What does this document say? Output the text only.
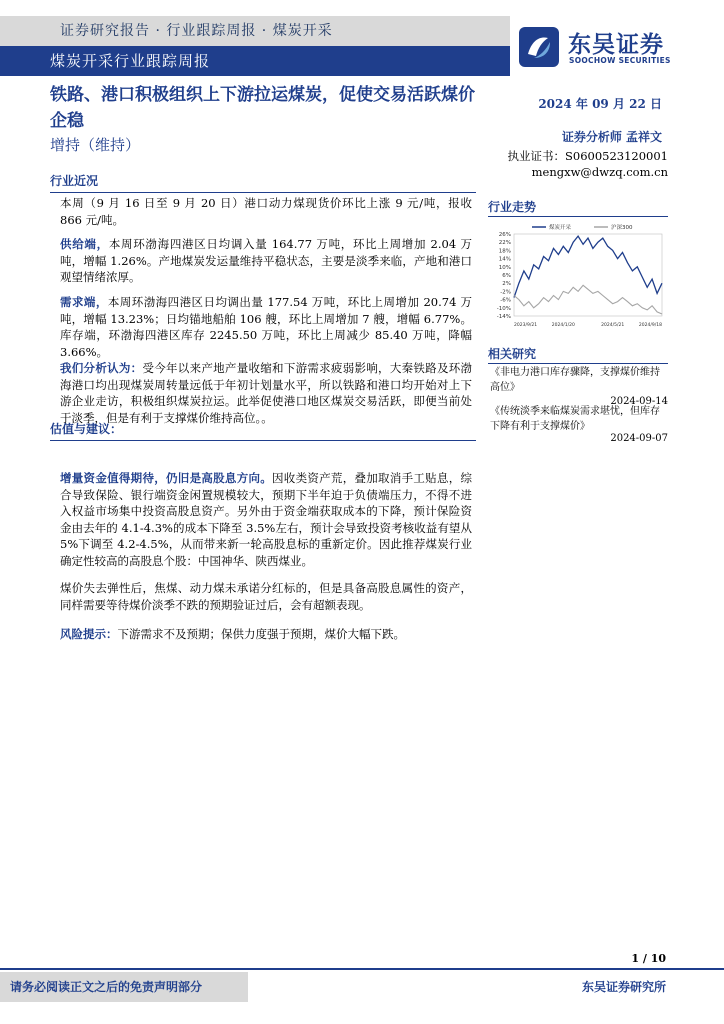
证券研究报告 · 行业跟踪周报 · 煤炭开采
煤炭开采行业跟踪周报
东吴证券
SOOCHOW SECURITIES
铁路、港口积极组织上下游拉运煤炭，促使交易活跃煤价企稳
增持（维持）
2024 年 09 月 22 日
证券分析师 孟祥文
执业证书：S0600523120001
mengxw@dwzq.com.cn
行业近况

本周（9 月 16 日至 9 月 20 日）港口动力煤现货价环比上涨 9 元/吨，报收 866 元/吨。

供给端，本周环渤海四港区日均调入量 164.77 万吨，环比上周增加 2.04 万吨，增幅 1.26%。产地煤炭发运量维持平稳状态，主要是淡季来临，产地和港口观望情绪浓厚。

需求端，本周环渤海四港区日均调出量 177.54 万吨，环比上周增加 20.74 万吨，增幅 13.23%；日均锚地船舶 106 艘，环比上周增加 7 艘，增幅 6.77%。库存端，环渤海四港区库存 2245.50 万吨，环比上周减少 85.40 万吨，降幅 3.66%。

我们分析认为：受今年以来产地产量收缩和下游需求疲弱影响，大秦铁路及环渤海港口均出现煤炭周转量远低于年初计划量水平，所以铁路和港口均开始对上下游企业走访，积极组织煤炭拉运。此举促使港口地区煤炭交易活跃，即便当前处于淡季，但是有利于支撑煤价维持高位。。

估值与建议：

增量资金值得期待，仍旧是高股息方向。因收类资产荒，叠加取消手工贴息，综合导致保险、银行端资金闲置规模较大，预期下半年迫于负债端压力，不得不进入权益市场集中投资高股息资产。另外由于资金端获取成本的下降，预计保险资金由去年的 4.1-4.3%的成本下降至 3.5%左右，预计会导致投资考核收益有望从 5%下调至 4.2-4.5%，从而带来新一轮高股息标的重新定价。因此推荐煤炭行业确定性较高的高股息个股：中国神华、陕西煤业。

煤价失去弹性后，焦煤、动力煤未承诺分红标的，但是具备高股息属性的资产，同样需要等待煤价淡季不跌的预期验证过后，会有超额表现。

风险提示：下游需求不及预期；保供力度强于预期，煤价大幅下跌。

行业走势
26%
22%
18%
14%
10%
6%
2%
-2%
-6%
-10%
-14%
2023/9/21	2024/1/20	2024/5/21	2024/9/18
煤炭开采	沪深300
相关研究
《非电力港口库存骤降，支撑煤价维持高位》
2024-09-14
《传统淡季来临煤炭需求堪忧，但库存下降有利于支撑煤价》
2024-09-07
1 / 10
请务必阅读正文之后的免责声明部分	东吴证券研究所
